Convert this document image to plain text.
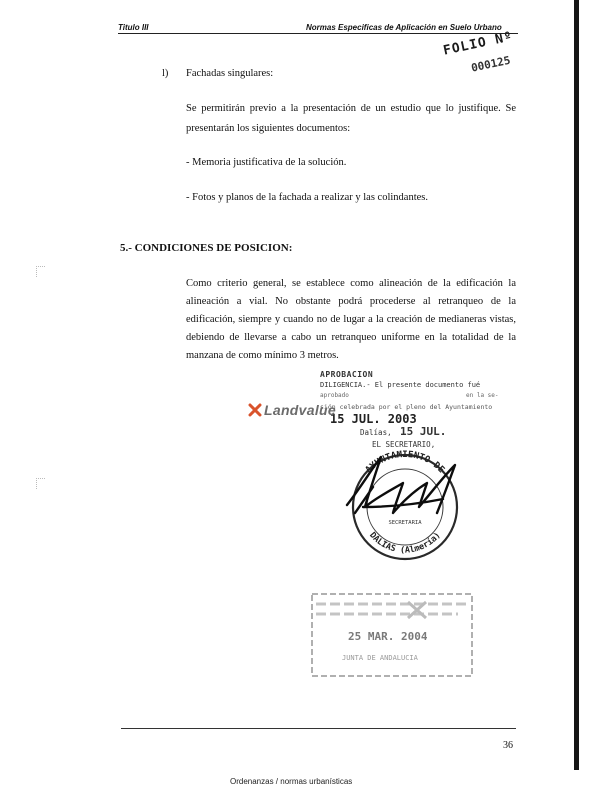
Titulo III	Normas Especificas de Aplicación en Suelo Urbano
FOLIO Nº
000125
l) Fachadas singulares:
Se permitirán previo a la presentación de un estudio que lo justifique. Se
presentarán los siguientes documentos:
- Memoria justificativa de la solución.
- Fotos y planos de la fachada a realizar y las colindantes.
5.- CONDICIONES DE POSICION:
Como criterio general, se establece como alineación de la edificación la
alineación a vial. No obstante podrá procederse al retranqueo de la
edificación, siempre y cuando no de lugar a la creación de medianeras vistas,
debiendo de llevarse a cabo un retranqueo uniforme en la totalidad de la
manzana de como mínimo 3 metros.
APROBACION
DILIGENCIA.- El presente documento fué
aprobado	en la se-
sión celebrada por el pleno del Ayuntamiento
15 JUL. 2003
Dalías, 15 JUL.
EL SECRETARIO,
Landvalue
AYUNTAMIENTO DE
DALIAS (Almería)
SECRETARIA
25 MAR. 2004
JUNTA DE ANDALUCIA
36
Ordenanzas / normas urbanísticas
